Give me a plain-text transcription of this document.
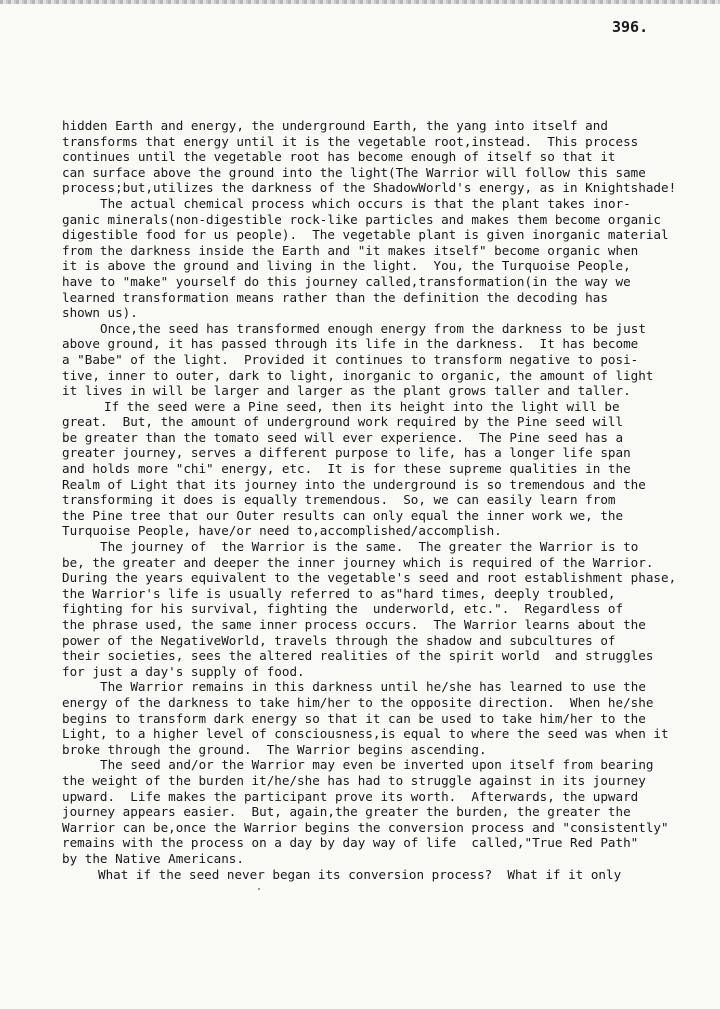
396.
hidden Earth and energy, the underground Earth, the yang into itself and
transforms that energy until it is the vegetable root,instead.  This process
continues until the vegetable root has become enough of itself so that it
can surface above the ground into the light(The Warrior will follow this same
process;but,utilizes the darkness of the ShadowWorld's energy, as in Knightshade!
The actual chemical process which occurs is that the plant takes inor-
ganic minerals(non-digestible rock-like particles and makes them become organic
digestible food for us people).  The vegetable plant is given inorganic material
from the darkness inside the Earth and "it makes itself" become organic when
it is above the ground and living in the light.  You, the Turquoise People,
have to "make" yourself do this journey called,transformation(in the way we
learned transformation means rather than the definition the decoding has
shown us).
Once,the seed has transformed enough energy from the darkness to be just
above ground, it has passed through its life in the darkness.  It has become
a "Babe" of the light.  Provided it continues to transform negative to posi-
tive, inner to outer, dark to light, inorganic to organic, the amount of light
it lives in will be larger and larger as the plant grows taller and taller.
If the seed were a Pine seed, then its height into the light will be
great.  But, the amount of underground work required by the Pine seed will
be greater than the tomato seed will ever experience.  The Pine seed has a
greater journey, serves a different purpose to life, has a longer life span
and holds more "chi" energy, etc.  It is for these supreme qualities in the
Realm of Light that its journey into the underground is so tremendous and the
transforming it does is equally tremendous.  So, we can easily learn from
the Pine tree that our Outer results can only equal the inner work we, the
Turquoise People, have/or need to,accomplished/accomplish.
The journey of  the Warrior is the same.  The greater the Warrior is to
be, the greater and deeper the inner journey which is required of the Warrior.
During the years equivalent to the vegetable's seed and root establishment phase,
the Warrior's life is usually referred to as"hard times, deeply troubled,
fighting for his survival, fighting the  underworld, etc.".  Regardless of
the phrase used, the same inner process occurs.  The Warrior learns about the
power of the NegativeWorld, travels through the shadow and subcultures of
their societies, sees the altered realities of the spirit world  and struggles
for just a day's supply of food.
The Warrior remains in this darkness until he/she has learned to use the
energy of the darkness to take him/her to the opposite direction.  When he/she
begins to transform dark energy so that it can be used to take him/her to the
Light, to a higher level of consciousness,is equal to where the seed was when it
broke through the ground.  The Warrior begins ascending.
The seed and/or the Warrior may even be inverted upon itself from bearing
the weight of the burden it/he/she has had to struggle against in its journey
upward.  Life makes the participant prove its worth.  Afterwards, the upward
journey appears easier.  But, again,the greater the burden, the greater the
Warrior can be,once the Warrior begins the conversion process and "consistently"
remains with the process on a day by day way of life  called,"True Red Path"
by the Native Americans.
What if the seed never began its conversion process?  What if it only
